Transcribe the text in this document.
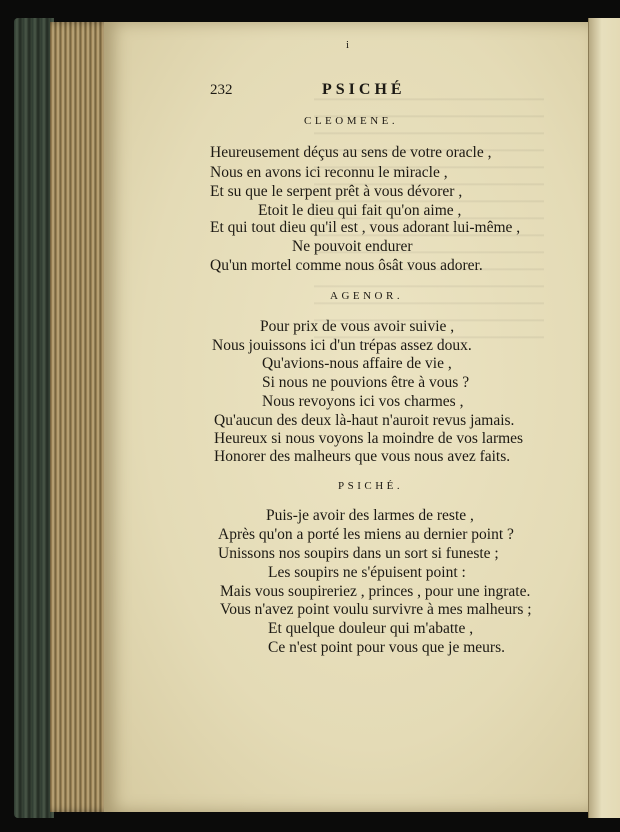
i
232	PSICHÉ
CLEOMENE.
Heureusement déçus au sens de votre oracle ,
Nous en avons ici reconnu le miracle ,
Et su que le serpent prêt à vous dévorer ,
Etoit le dieu qui fait qu'on aime ,
Et qui tout dieu qu'il est , vous adorant lui-même ,
Ne pouvoit endurer
Qu'un mortel comme nous ôsât vous adorer.
AGENOR.
Pour prix de vous avoir suivie ,
Nous jouissons ici d'un trépas assez doux.
Qu'avions-nous affaire de vie ,
Si nous ne pouvions être à vous ?
Nous revoyons ici vos charmes ,
Qu'aucun des deux là-haut n'auroit revus jamais.
Heureux si nous voyons la moindre de vos larmes
Honorer des malheurs que vous nous avez faits.
PSICHÉ.
Puis-je avoir des larmes de reste ,
Après qu'on a porté les miens au dernier point ?
Unissons nos soupirs dans un sort si funeste ;
Les soupirs ne s'épuisent point :
Mais vous soupireriez , princes , pour une ingrate.
Vous n'avez point voulu survivre à mes malheurs ;
Et quelque douleur qui m'abatte ,
Ce n'est point pour vous que je meurs.
